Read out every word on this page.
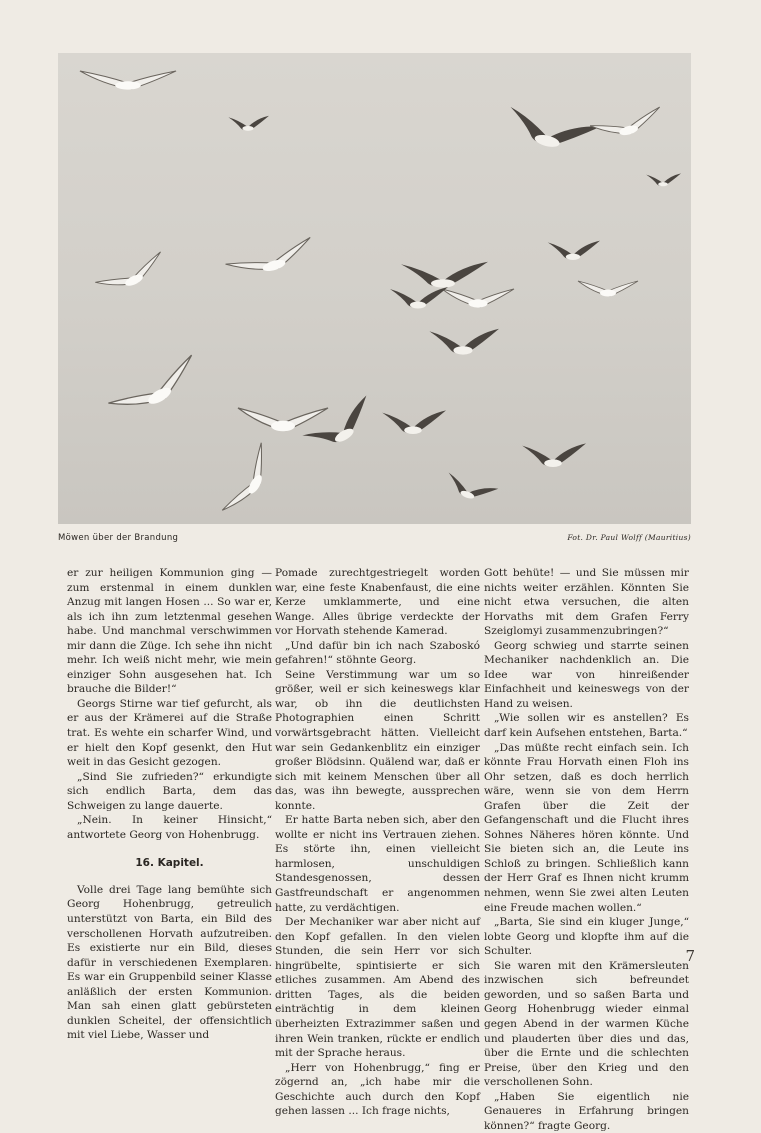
Möwen über der Brandung	Fot. Dr. Paul Wolff (Mauritius)

er zur heiligen Kommunion ging — zum erstenmal in einem dunklen Anzug mit langen Hosen ... So war er, als ich ihn zum letztenmal gesehen habe. Und manchmal verschwimmen mir dann die Züge. Ich sehe ihn nicht mehr. Ich weiß nicht mehr, wie mein einziger Sohn ausgesehen hat. Ich brauche die Bilder!“

Georgs Stirne war tief gefurcht, als er aus der Krämerei auf die Straße trat. Es wehte ein scharfer Wind, und er hielt den Kopf gesenkt, den Hut weit in das Gesicht gezogen.

„Sind Sie zufrieden?“ erkundigte sich endlich Barta, dem das Schweigen zu lange dauerte.

„Nein. In keiner Hinsicht,“ antwortete Georg von Hohenbrugg.

16. Kapitel.

Volle drei Tage lang bemühte sich Georg Hohenbrugg, getreulich unterstützt von Barta, ein Bild des verschollenen Horvath aufzutreiben. Es existierte nur ein Bild, dieses dafür in verschiedenen Exemplaren. Es war ein Gruppenbild seiner Klasse anläßlich der ersten Kommunion. Man sah einen glatt gebürsteten dunklen Scheitel, der offensichtlich mit viel Liebe, Wasser und

Pomade zurechtgestriegelt worden war, eine feste Knabenfaust, die eine Kerze umklammerte, und eine Wange. Alles übrige verdeckte der vor Horvath stehende Kamerad.

„Und dafür bin ich nach Szaboskó gefahren!“ stöhnte Georg.

Seine Verstimmung war um so größer, weil er sich keineswegs klar war, ob ihn die deutlichsten Photographien einen Schritt vorwärtsgebracht hätten. Vielleicht war sein Gedankenblitz ein einziger großer Blödsinn. Quälend war, daß er sich mit keinem Menschen über all das, was ihn bewegte, aussprechen konnte.

Er hatte Barta neben sich, aber den wollte er nicht ins Vertrauen ziehen. Es störte ihn, einen vielleicht harmlosen, unschuldigen Standesgenossen, dessen Gastfreundschaft er angenommen hatte, zu verdächtigen.

Der Mechaniker war aber nicht auf den Kopf gefallen. In den vielen Stunden, die sein Herr vor sich hingrübelte, spintisierte er sich etliches zusammen. Am Abend des dritten Tages, als die beiden einträchtig in dem kleinen überheizten Extrazimmer saßen und ihren Wein tranken, rückte er endlich mit der Sprache heraus.

„Herr von Hohenbrugg,“ fing er zögernd an, „ich habe mir die Geschichte auch durch den Kopf gehen lassen ... Ich frage nichts,

Gott behüte! — und Sie müssen mir nichts weiter erzählen. Könnten Sie nicht etwa versuchen, die alten Horvaths mit dem Grafen Ferry Szeiglomyi zusammenzubringen?“

Georg schwieg und starrte seinen Mechaniker nachdenklich an. Die Idee war von hinreißender Einfachheit und keineswegs von der Hand zu weisen.

„Wie sollen wir es anstellen? Es darf kein Aufsehen entstehen, Barta.“

„Das müßte recht einfach sein. Ich könnte Frau Horvath einen Floh ins Ohr setzen, daß es doch herrlich wäre, wenn sie von dem Herrn Grafen über die Zeit der Gefangenschaft und die Flucht ihres Sohnes Näheres hören könnte. Und Sie bieten sich an, die Leute ins Schloß zu bringen. Schließlich kann der Herr Graf es Ihnen nicht krumm nehmen, wenn Sie zwei alten Leuten eine Freude machen wollen.“

„Barta, Sie sind ein kluger Junge,“ lobte Georg und klopfte ihm auf die Schulter.

Sie waren mit den Krämersleuten inzwischen sich befreundet geworden, und so saßen Barta und Georg Hohenbrugg wieder einmal gegen Abend in der warmen Küche und plauderten über dies und das, über die Ernte und die schlechten Preise, über den Krieg und den verschollenen Sohn.

„Haben Sie eigentlich nie Genaueres in Erfahrung bringen können?“ fragte Georg.

7
